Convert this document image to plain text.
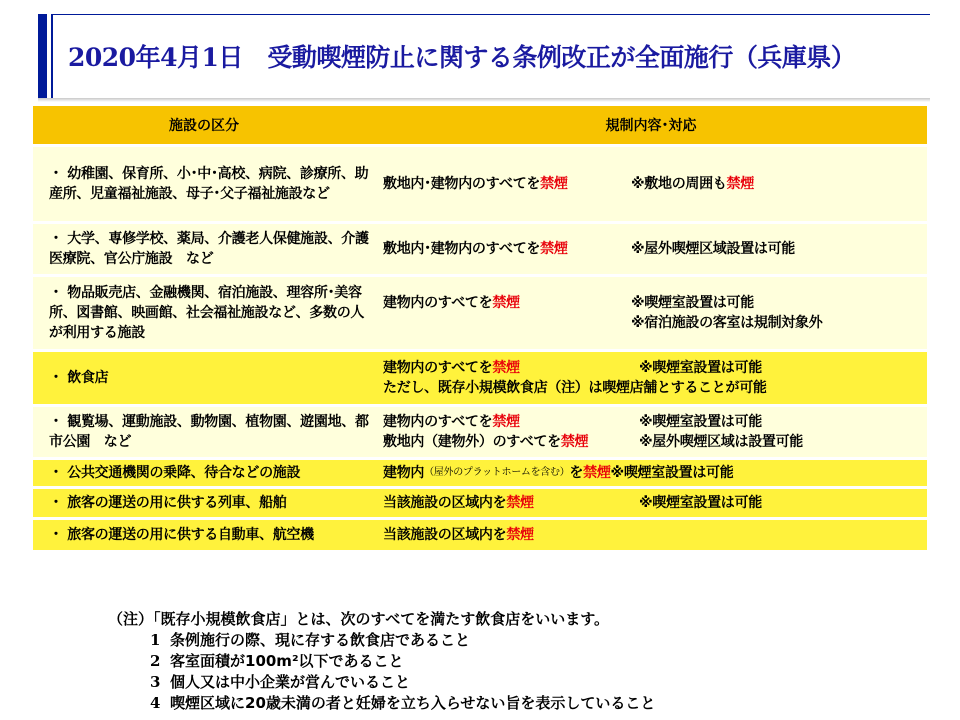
2020年4月1日　受動喫煙防止に関する条例改正が全面施行（兵庫県）
施設の区分	規制内容･対応

・ 幼稚園、保育所、小･中･高校、病院、診療所、助産所、児童福祉施設、母子･父子福祉施設など	敷地内･建物内のすべてを禁煙 ※敷地の周囲も禁煙

・ 大学、専修学校、薬局、介護老人保健施設、介護医療院、官公庁施設　など	敷地内･建物内のすべてを禁煙 ※屋外喫煙区域設置は可能

・ 物品販売店、金融機関、宿泊施設、理容所･美容所、図書館、映画館、社会福祉施設など、多数の人が利用する施設	建物内のすべてを禁煙 ※喫煙室設置は可能
※宿泊施設の客室は規制対象外

・ 飲食店	建物内のすべてを禁煙 ※喫煙室設置は可能
ただし、既存小規模飲食店（注）は喫煙店舗とすることが可能

・ 観覧場、運動施設、動物園、植物園、遊園地、都市公園　など	建物内のすべてを禁煙 ※喫煙室設置は可能
敷地内（建物外）のすべてを禁煙 ※屋外喫煙区域は設置可能

・ 公共交通機関の乗降、待合などの施設	建物内 （屋外のプラットホームを含む） を 禁煙 ※喫煙室設置は可能

・ 旅客の運送の用に供する列車、船舶	当該施設の区域内を禁煙 ※喫煙室設置は可能

・ 旅客の運送の用に供する自動車、航空機	当該施設の区域内を禁煙
（注）「既存小規模飲食店」とは、次のすべてを満たす飲食店をいいます。
1 条例施行の際、現に存する飲食店であること
2 客室面積が100m²以下であること
3 個人又は中小企業が営んでいること
4 喫煙区域に20歳未満の者と妊婦を立ち入らせない旨を表示していること
